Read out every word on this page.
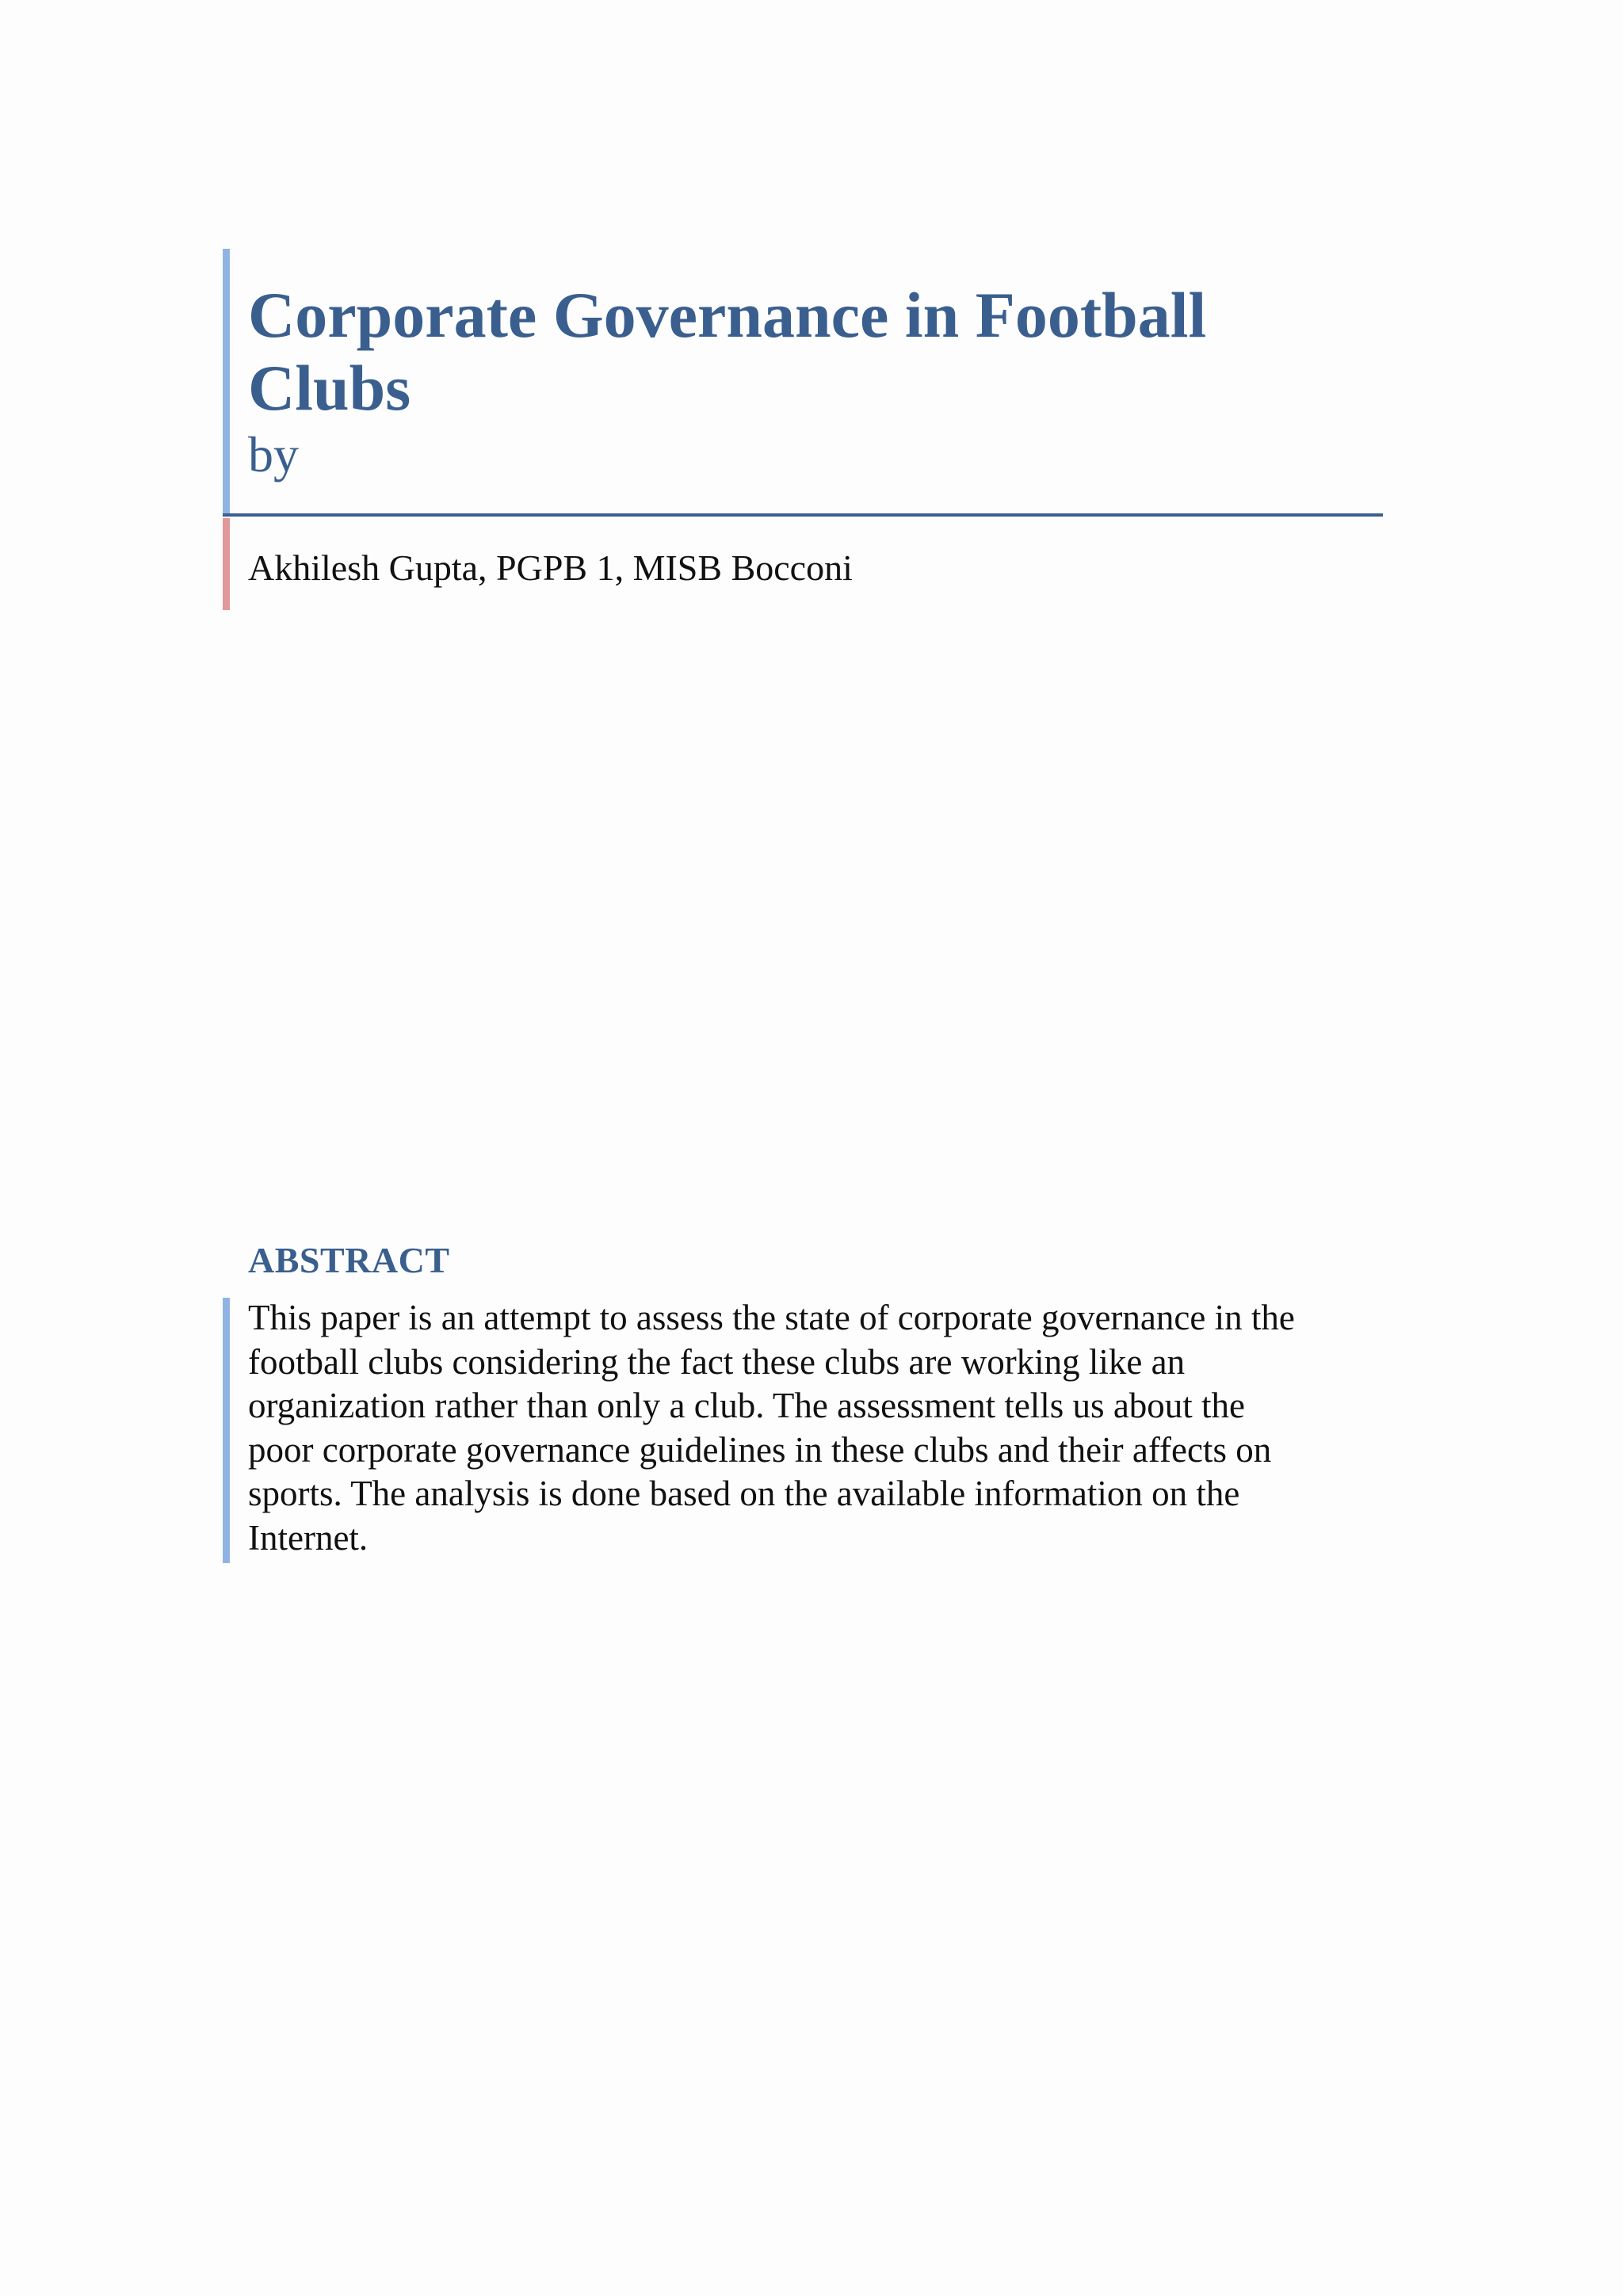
Corporate Governance in Football Clubs

by

Akhilesh Gupta, PGPB 1, MISB Bocconi

ABSTRACT

This paper is an attempt to assess the state of corporate governance in the
football clubs considering the fact these clubs are working like an
organization rather than only a club. The assessment tells us about the
poor corporate governance guidelines in these clubs and their affects on
sports. The analysis is done based on the available information on the
Internet.
